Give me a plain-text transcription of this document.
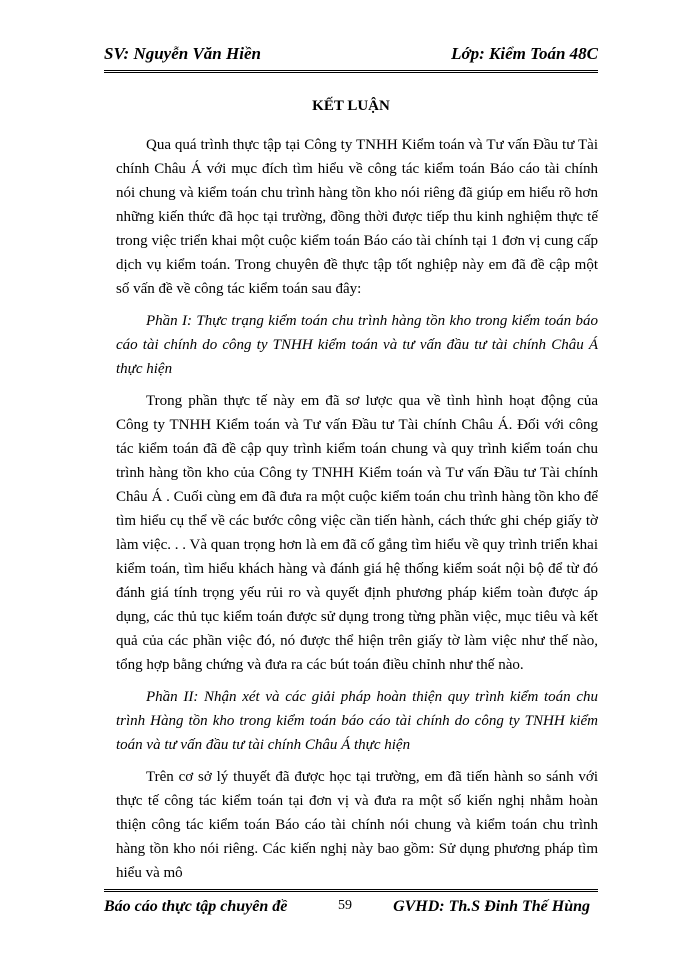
SV: Nguyễn Văn Hiền	Lớp: Kiểm Toán 48C
KẾT LUẬN

Qua quá trình thực tập tại Công ty TNHH Kiểm toán và Tư vấn Đầu tư Tài chính Châu Á với mục đích tìm hiểu về công tác kiểm toán Báo cáo tài chính nói chung và kiểm toán chu trình hàng tồn kho nói riêng đã giúp em hiểu rõ hơn những kiến thức đã học tại trường, đồng thời được tiếp thu kinh nghiệm thực tế trong việc triển khai một cuộc kiểm toán Báo cáo tài chính tại 1 đơn vị cung cấp dịch vụ kiểm toán. Trong chuyên đề thực tập tốt nghiệp này em đã đề cập một số vấn đề về công tác kiểm toán sau đây:

Phần I: Thực trạng kiểm toán chu trình hàng tồn kho trong kiểm toán báo cáo tài chính do công ty TNHH kiểm toán và tư vấn đầu tư tài chính Châu Á thực hiện

Trong phần thực tế này em đã sơ lược qua về tình hình hoạt động của Công ty TNHH Kiểm toán và Tư vấn Đầu tư Tài chính Châu Á. Đối với công tác kiểm toán đã đề cập quy trình kiểm toán chung và quy trình kiểm toán chu trình hàng tồn kho của Công ty TNHH Kiểm toán và Tư vấn Đầu tư Tài chính Châu Á . Cuối cùng em đã đưa ra một cuộc kiểm toán chu trình hàng tồn kho để tìm hiểu cụ thể về các bước công việc cần tiến hành, cách thức ghi chép giấy tờ làm việc. . . Và quan trọng hơn là em đã cố gắng tìm hiểu về quy trình triển khai kiểm toán, tìm hiểu khách hàng và đánh giá hệ thống kiểm soát nội bộ để từ đó đánh giá tính trọng yếu rủi ro và quyết định phương pháp kiểm toàn được áp dụng, các thủ tục kiểm toán được sử dụng trong từng phần việc, mục tiêu và kết quả của các phần việc đó, nó được thể hiện trên giấy tờ làm việc như thế nào, tổng hợp bằng chứng và đưa ra các bút toán điều chỉnh như thế nào.

Phần II: Nhận xét và các giải pháp hoàn thiện quy trình kiểm toán chu trình Hàng tồn kho trong kiểm toán báo cáo tài chính do công ty TNHH kiểm toán và tư vấn đầu tư tài chính Châu Á thực hiện

Trên cơ sở lý thuyết đã được học tại trường, em đã tiến hành so sánh với thực tế công tác kiểm toán tại đơn vị và đưa ra một số kiến nghị nhằm hoàn thiện công tác kiểm toán Báo cáo tài chính nói chung và kiểm toán chu trình hàng tồn kho nói riêng. Các kiến nghị này bao gồm: Sử dụng phương pháp tìm hiểu và mô

Báo cáo thực tập chuyên đề	59	GVHD: Th.S Đinh Thế Hùng
